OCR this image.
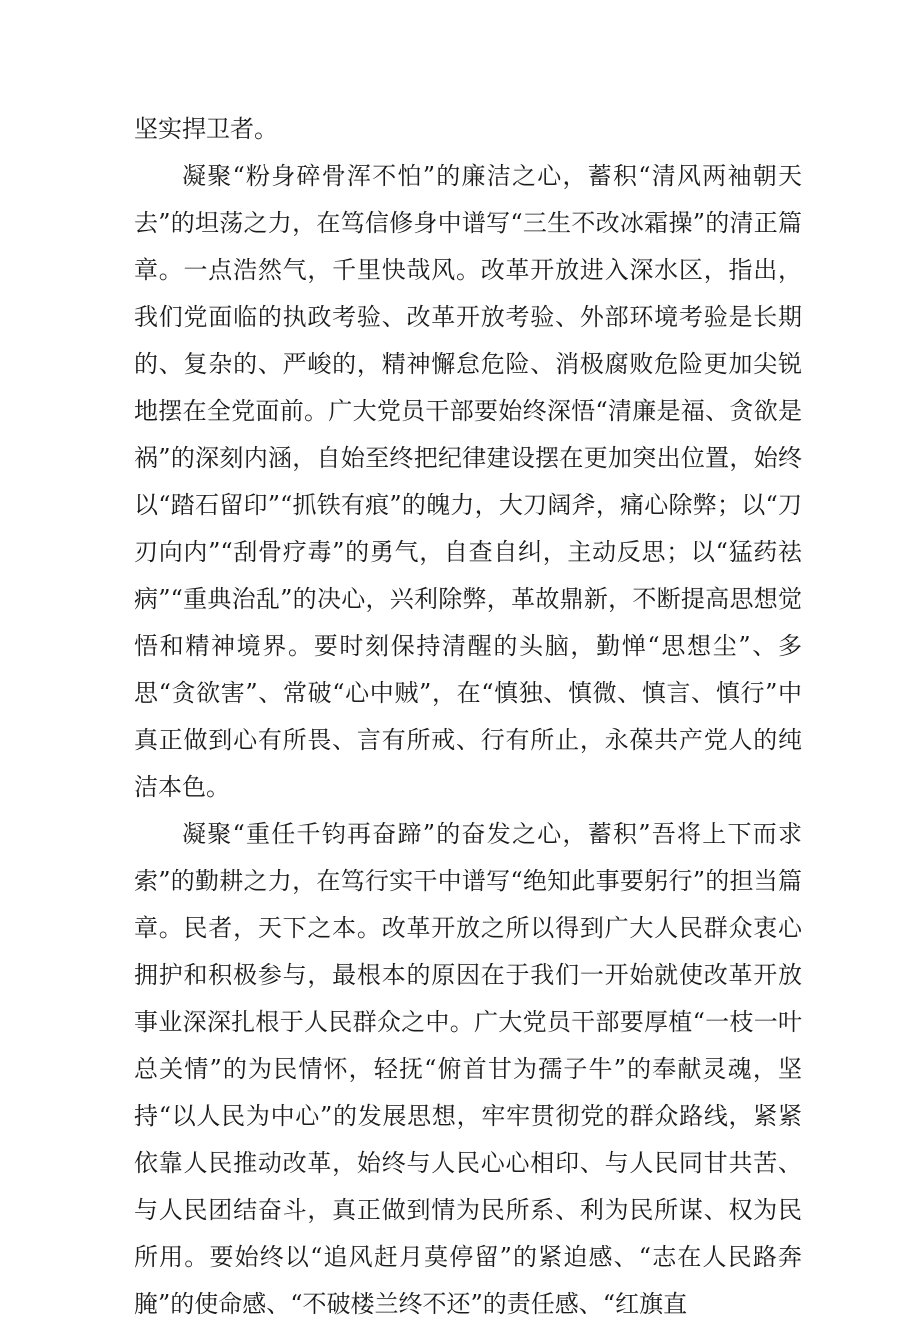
坚实捍卫者。

凝聚“粉身碎骨浑不怕”的廉洁之心，蓄积“清风两袖朝天去”的坦荡之力，在笃信修身中谱写“三生不改冰霜操”的清正篇章。一点浩然气，千里快哉风。改革开放进入深水区，指出，我们党面临的执政考验、改革开放考验、外部环境考验是长期的、复杂的、严峻的，精神懈怠危险、消极腐败危险更加尖锐地摆在全党面前。广大党员干部要始终深悟“清廉是福、贪欲是祸”的深刻内涵，自始至终把纪律建设摆在更加突出位置，始终以“踏石留印”“抓铁有痕”的魄力，大刀阔斧，痛心除弊；以“刀刃向内”“刮骨疗毒”的勇气，自查自纠，主动反思；以“猛药祛病”“重典治乱”的决心，兴利除弊，革故鼎新，不断提高思想觉悟和精神境界。要时刻保持清醒的头脑，勤惮“思想尘”、多思“贪欲害”、常破“心中贼”，在“慎独、慎微、慎言、慎行”中真正做到心有所畏、言有所戒、行有所止，永葆共产党人的纯洁本色。

凝聚“重任千钧再奋蹄”的奋发之心，蓄积”吾将上下而求索”的勤耕之力，在笃行实干中谱写“绝知此事要躬行”的担当篇章。民者，天下之本。改革开放之所以得到广大人民群众衷心拥护和积极参与，最根本的原因在于我们一开始就使改革开放事业深深扎根于人民群众之中。广大党员干部要厚植“一枝一叶总关情”的为民情怀，轻抚“俯首甘为孺子牛”的奉献灵魂，坚持“以人民为中心”的发展思想，牢牢贯彻党的群众路线，紧紧依靠人民推动改革，始终与人民心心相印、与人民同甘共苦、与人民团结奋斗，真正做到情为民所系、利为民所谋、权为民所用。要始终以“追风赶月莫停留”的紧迫感、“志在人民路奔腌”的使命感、“不破楼兰终不还”的责任感、“红旗直
